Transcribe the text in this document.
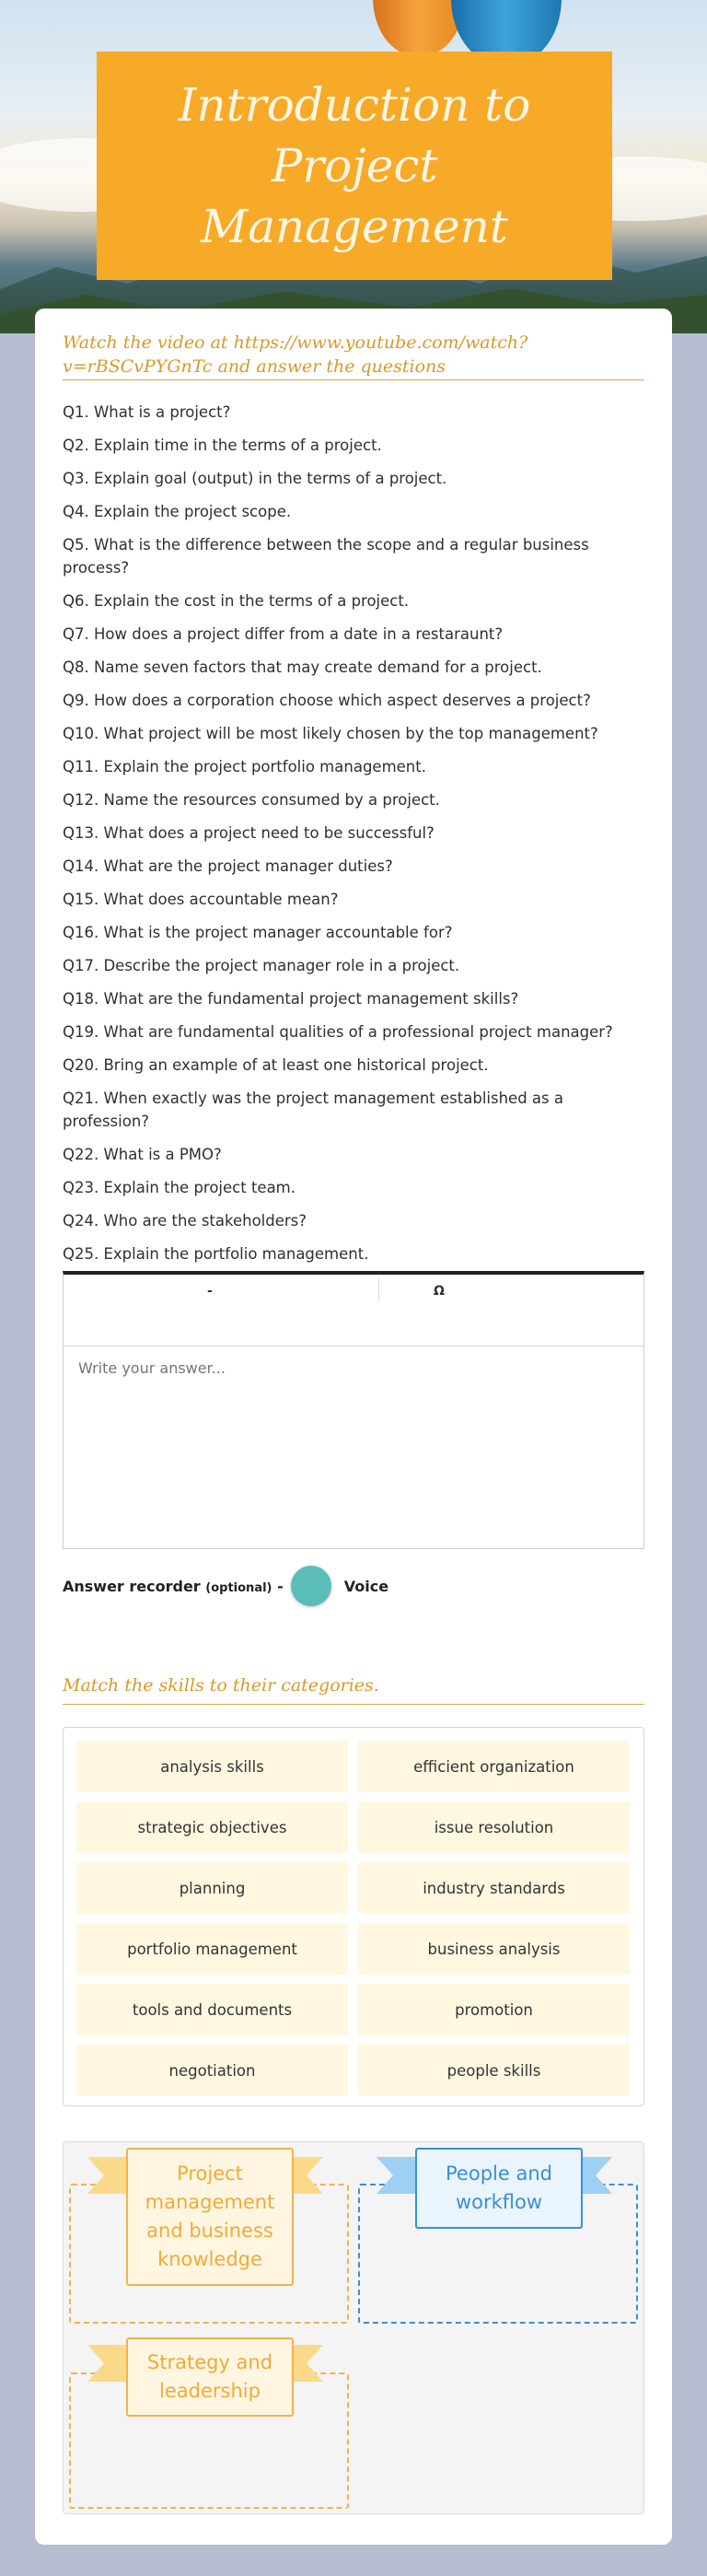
Introduction to Project Management
Watch the video at https://www.youtube.com/watch?v=rBSCvPYGnTc and answer the questions
Q1. What is a project?
Q2. Explain time in the terms of a project.
Q3. Explain goal (output) in the terms of a project.
Q4. Explain the project scope.
Q5. What is the difference between the scope and a regular business process?
Q6. Explain the cost in the terms of a project.
Q7. How does a project differ from a date in a restaraunt?
Q8. Name seven factors that may create demand for a project.
Q9. How does a corporation choose which aspect deserves a project?
Q10. What project will be most likely chosen by the top management?
Q11. Explain the project portfolio management.
Q12. Name the resources consumed by a project.
Q13. What does a project need to be successful?
Q14. What are the project manager duties?
Q15. What does accountable mean?
Q16. What is the project manager accountable for?
Q17. Describe the project manager role in a project.
Q18. What are the fundamental project management skills?
Q19. What are fundamental qualities of a professional project manager?
Q20. Bring an example of at least one historical project.
Q21. When exactly was the project management established as a profession?
Q22. What is a PMO?
Q23. Explain the project team.
Q24. Who are the stakeholders?
Q25. Explain the portfolio management.
-	Ω
Write your answer...
Answer recorder (optional) -	Voice
Match the skills to their categories.
analysis skills	efficient organization
strategic objectives	issue resolution
planning	industry standards
portfolio management	business analysis
tools and documents	promotion
negotiation	people skills
Project management and business knowledge
People and workflow
Strategy and leadership
